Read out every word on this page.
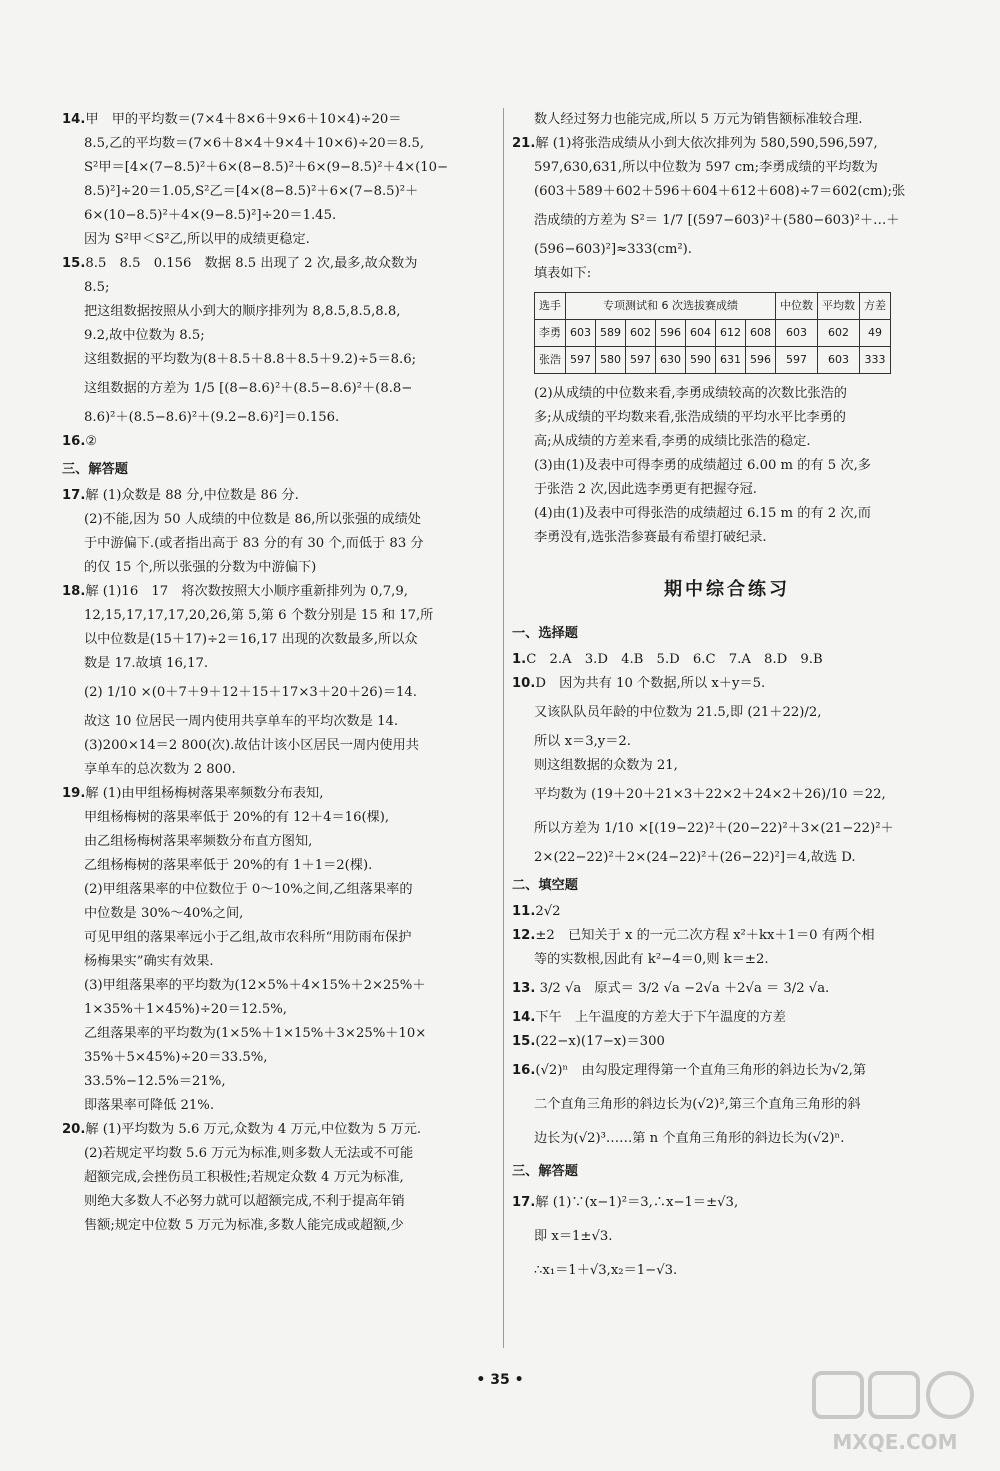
14.甲　甲的平均数＝(7×4＋8×6＋9×6＋10×4)÷20＝
8.5,乙的平均数＝(7×6＋8×4＋9×4＋10×6)÷20＝8.5,
S²甲＝[4×(7−8.5)²＋6×(8−8.5)²＋6×(9−8.5)²＋4×(10−
8.5)²]÷20＝1.05,S²乙＝[4×(8−8.5)²＋6×(7−8.5)²＋
6×(10−8.5)²＋4×(9−8.5)²]÷20＝1.45.
因为 S²甲＜S²乙,所以甲的成绩更稳定.
15.8.5　8.5　0.156　数据 8.5 出现了 2 次,最多,故众数为
8.5;
把这组数据按照从小到大的顺序排列为 8,8.5,8.5,8.8,
9.2,故中位数为 8.5;
这组数据的平均数为(8＋8.5＋8.8＋8.5＋9.2)÷5＝8.6;
这组数据的方差为 1/5 [(8−8.6)²＋(8.5−8.6)²＋(8.8−
8.6)²＋(8.5−8.6)²＋(9.2−8.6)²]＝0.156.
16.②
三、解答题
17.解 (1)众数是 88 分,中位数是 86 分.
(2)不能,因为 50 人成绩的中位数是 86,所以张强的成绩处
于中游偏下.(或者指出高于 83 分的有 30 个,而低于 83 分
的仅 15 个,所以张强的分数为中游偏下)
18.解 (1)16　17　将次数按照大小顺序重新排列为 0,7,9,
12,15,17,17,17,20,26,第 5,第 6 个数分别是 15 和 17,所
以中位数是(15＋17)÷2＝16,17 出现的次数最多,所以众
数是 17.故填 16,17.
(2) 1/10 ×(0＋7＋9＋12＋15＋17×3＋20＋26)＝14.
故这 10 位居民一周内使用共享单车的平均次数是 14.
(3)200×14＝2 800(次).故估计该小区居民一周内使用共
享单车的总次数为 2 800.
19.解 (1)由甲组杨梅树落果率频数分布表知,
甲组杨梅树的落果率低于 20%的有 12＋4＝16(棵),
由乙组杨梅树落果率频数分布直方图知,
乙组杨梅树的落果率低于 20%的有 1＋1＝2(棵).
(2)甲组落果率的中位数位于 0～10%之间,乙组落果率的
中位数是 30%～40%之间,
可见甲组的落果率远小于乙组,故市农科所“用防雨布保护
杨梅果实”确实有效果.
(3)甲组落果率的平均数为(12×5%＋4×15%＋2×25%＋
1×35%＋1×45%)÷20＝12.5%,
乙组落果率的平均数为(1×5%＋1×15%＋3×25%＋10×
35%＋5×45%)÷20＝33.5%,
33.5%−12.5%＝21%,
即落果率可降低 21%.
20.解 (1)平均数为 5.6 万元,众数为 4 万元,中位数为 5 万元.
(2)若规定平均数 5.6 万元为标准,则多数人无法或不可能
超额完成,会挫伤员工积极性;若规定众数 4 万元为标准,
则绝大多数人不必努力就可以超额完成,不利于提高年销
售额;规定中位数 5 万元为标准,多数人能完成或超额,少
数人经过努力也能完成,所以 5 万元为销售额标准较合理.
21.解 (1)将张浩成绩从小到大依次排列为 580,590,596,597,
597,630,631,所以中位数为 597 cm;李勇成绩的平均数为
(603＋589＋602＋596＋604＋612＋608)÷7＝602(cm);张
浩成绩的方差为 S²＝ 1/7 [(597−603)²＋(580−603)²＋…＋
(596−603)²]≈333(cm²).
填表如下:
选手	专项测试和 6 次选拔赛成绩							中位数	平均数	方差
李勇	603	589	602	596	604	612	608	603	602	49
张浩	597	580	597	630	590	631	596	597	603	333
(2)从成绩的中位数来看,李勇成绩较高的次数比张浩的
多;从成绩的平均数来看,张浩成绩的平均水平比李勇的
高;从成绩的方差来看,李勇的成绩比张浩的稳定.
(3)由(1)及表中可得李勇的成绩超过 6.00 m 的有 5 次,多
于张浩 2 次,因此选李勇更有把握夺冠.
(4)由(1)及表中可得张浩的成绩超过 6.15 m 的有 2 次,而
李勇没有,选张浩参赛最有希望打破纪录.
期中综合练习
一、选择题
1.C　2.A　3.D　4.B　5.D　6.C　7.A　8.D　9.B
10.D　因为共有 10 个数据,所以 x＋y＝5.
又该队队员年龄的中位数为 21.5,即 (21＋22)/2,
所以 x＝3,y＝2.
则这组数据的众数为 21,
平均数为 (19＋20＋21×3＋22×2＋24×2＋26)/10 ＝22,
所以方差为 1/10 ×[(19−22)²＋(20−22)²＋3×(21−22)²＋
2×(22−22)²＋2×(24−22)²＋(26−22)²]＝4,故选 D.
二、填空题
11.2√2
12.±2　已知关于 x 的一元二次方程 x²＋kx＋1＝0 有两个相
等的实数根,因此有 k²−4＝0,则 k＝±2.
13. 3/2 √a　原式＝ 3/2 √a −2√a ＋2√a ＝ 3/2 √a.
14.下午　上午温度的方差大于下午温度的方差
15.(22−x)(17−x)＝300
16.(√2)ⁿ　由勾股定理得第一个直角三角形的斜边长为√2,第
二个直角三角形的斜边长为(√2)²,第三个直角三角形的斜
边长为(√2)³……第 n 个直角三角形的斜边长为(√2)ⁿ.
三、解答题
17.解 (1)∵(x−1)²＝3,∴x−1＝±√3,
即 x＝1±√3.
∴x₁＝1＋√3,x₂＝1−√3.
• 35 •
MXQE.COM
